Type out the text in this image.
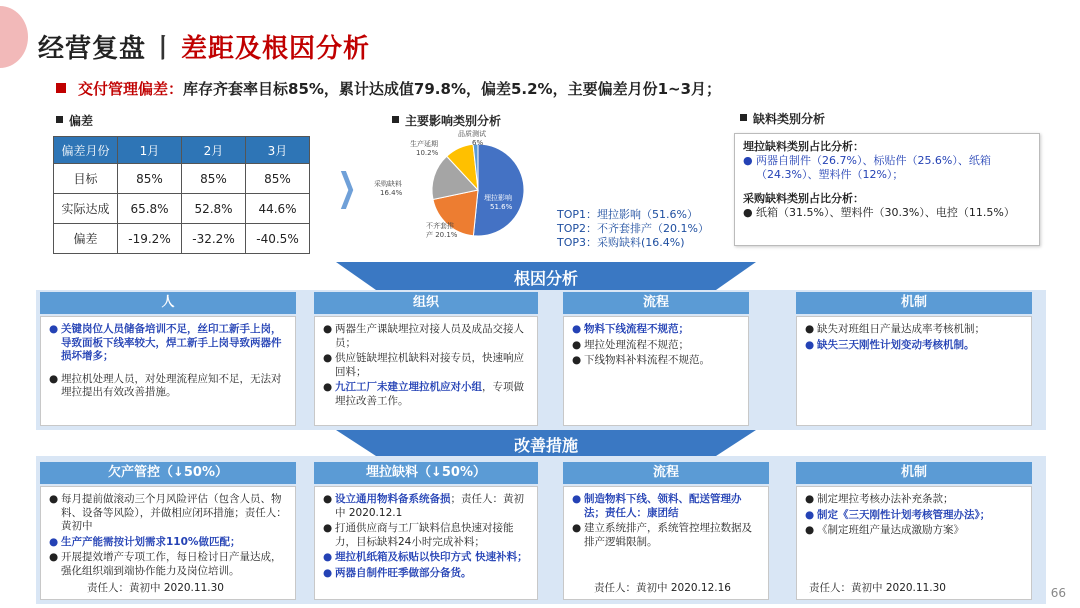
经营复盘 丨 差距及根因分析
交付管理偏差：库存齐套率目标85%，累计达成值79.8%，偏差5.2%，主要偏差月份1~3月；
偏差
偏差月份	1月	2月	3月
目标	85%	85%	85%
实际达成	65.8%	52.8%	44.6%
偏差	-19.2%	-32.2%	-40.5%
❯
主要影响类别分析
品质测试
6%
生产延期
10.2%
采购缺料
16.4%
不齐套排
产 20.1%
埋拉影响
51.6%
TOP1：埋拉影响（51.6%）
TOP2：不齐套排产（20.1%）
TOP3：采购缺料(16.4%)
缺料类别分析
埋拉缺料类别占比分析：
● 两器自制件（26.7%）、标贴件（25.6%）、纸箱（24.3%）、塑料件（12%）；
采购缺料类别占比分析：
● 纸箱（31.5%）、塑料件（30.3%）、电控（11.5%）
根因分析
人
● 关键岗位人员储备培训不足，丝印工新手上岗，导致面板下线率较大，焊工新手上岗导致两器件损坏增多；
● 埋拉机处理人员，对处理流程应知不足，无法对埋拉提出有效改善措施。
组织
● 两器生产课缺埋拉对接人员及成品交接人员；
● 供应链缺埋拉机缺料对接专员，快速响应回料；
● 九江工厂未建立埋拉机应对小组，专项做埋拉改善工作。
流程
● 物料下线流程不规范；
● 埋拉处理流程不规范；
● 下线物料补料流程不规范。
机制
● 缺失对班组日产量达成率考核机制；
● 缺失三天刚性计划变动考核机制。
改善措施
欠产管控（↓50%）
● 每月提前做滚动三个月风险评估（包含人员、物料、设备等风险），并做相应闭环措施；责任人：黄初中
● 生产产能需按计划需求110%做匹配；
● 开展提效增产专项工作，每日检讨日产量达成，强化组织端到端协作能力及岗位培训。
责任人：黄初中 2020.11.30
埋拉缺料（↓50%）
● 设立通用物料备系统备损；责任人：黄初中 2020.12.1
● 打通供应商与工厂缺料信息快速对接能力，目标缺料24小时完成补料；
● 埋拉机纸箱及标贴以快印方式 快速补料；
● 两器自制件旺季做部分备货。
流程
● 制造物料下线、领料、配送管理办法；责任人：康团结
● 建立系统排产，系统管控埋拉数据及排产逻辑限制。
责任人：黄初中 2020.12.16
机制
● 制定埋拉考核办法补充条款；
● 制定《三天刚性计划考核管理办法》；
● 《制定班组产量达成激励方案》
责任人：黄初中 2020.11.30	66
